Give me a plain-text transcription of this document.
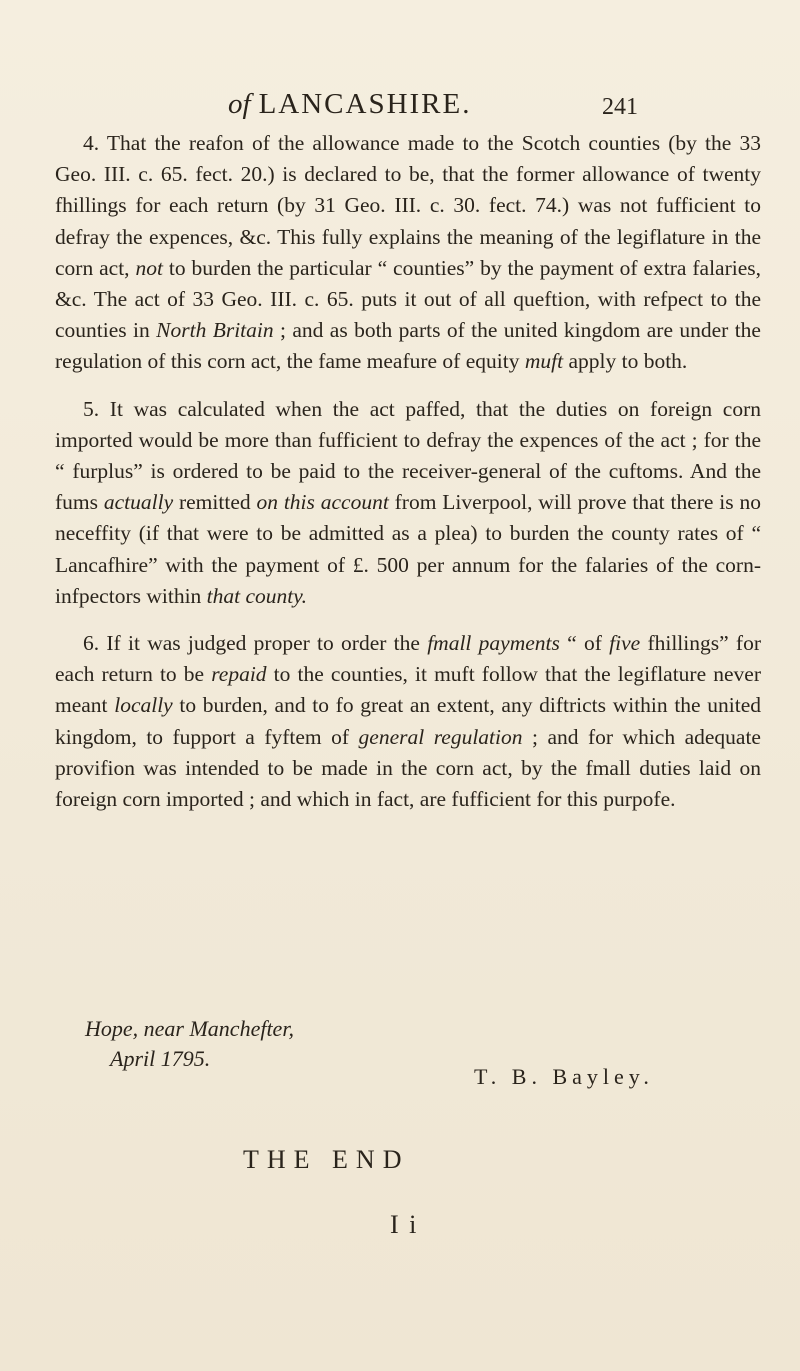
of LANCASHIRE.	241

4. That the reafon of the allowance made to the Scotch counties (by the 33 Geo. III. c. 65. fect. 20.) is declared to be, that the former allowance of twenty fhillings for each return (by 31 Geo. III. c. 30. fect. 74.) was not fufficient to defray the expences, &c. This fully explains the meaning of the legiflature in the corn act, not to burden the particular “ counties” by the payment of extra falaries, &c. The act of 33 Geo. III. c. 65. puts it out of all queftion, with refpect to the counties in North Britain ; and as both parts of the united kingdom are under the regulation of this corn act, the fame meafure of equity muft apply to both.

5. It was calculated when the act paffed, that the duties on foreign corn imported would be more than fufficient to defray the expences of the act ; for the “ furplus” is ordered to be paid to the receiver-general of the cuftoms. And the fums actually remitted on this account from Liverpool, will prove that there is no neceffity (if that were to be admitted as a plea) to burden the county rates of “ Lancafhire” with the payment of £. 500 per annum for the falaries of the corn-infpectors within that county.

6. If it was judged proper to order the fmall payments “ of five fhillings” for each return to be repaid to the counties, it muft follow that the legiflature never meant locally to burden, and to fo great an extent, any diftricts within the united kingdom, to fupport a fyftem of general regulation ; and for which adequate provifion was intended to be made in the corn act, by the fmall duties laid on foreign corn imported ; and which in fact, are fufficient for this purpofe.

Hope, near Manchefter,
April 1795.
T. B. Bayley.
THE END
I i
